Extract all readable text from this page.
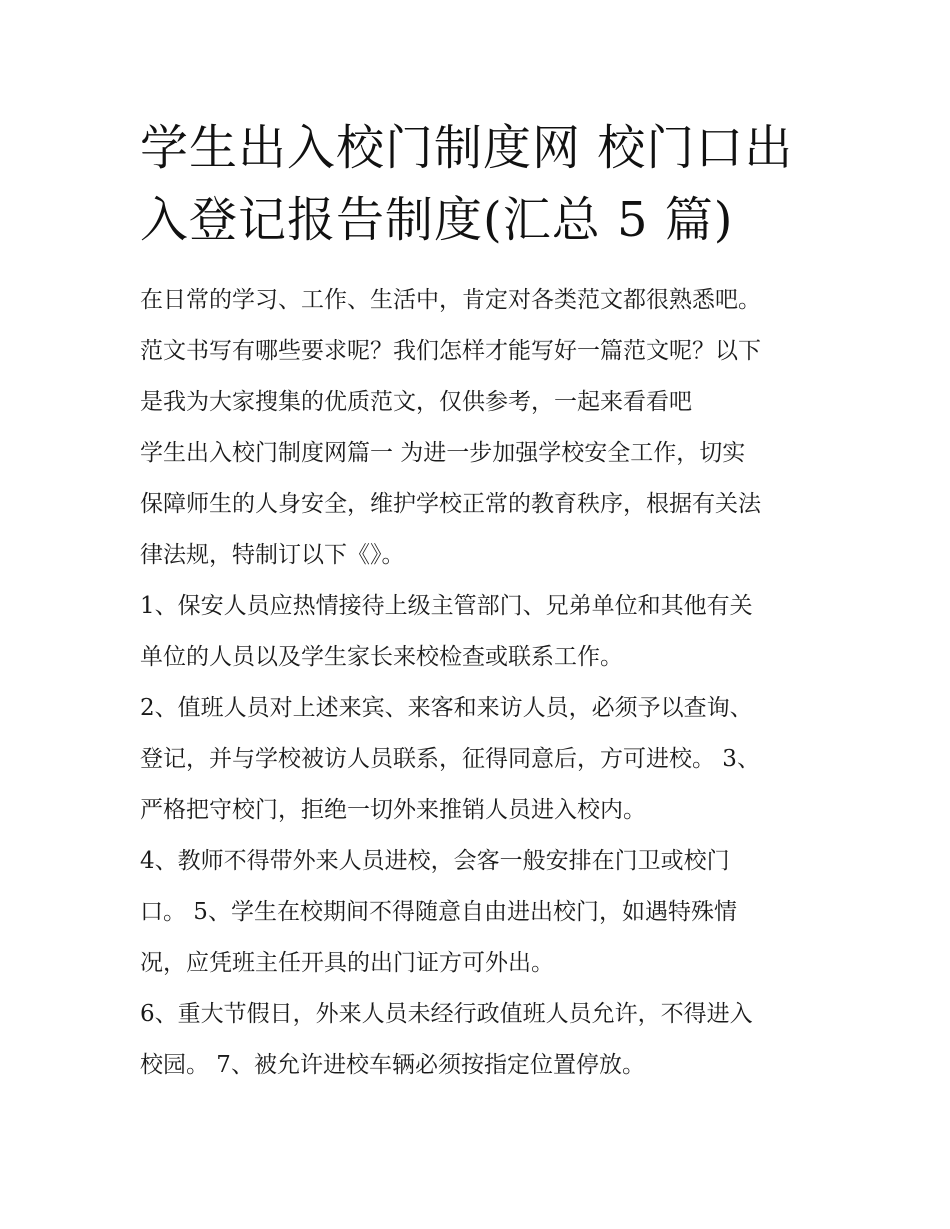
学生出入校门制度网 校门口出
入登记报告制度(汇总 5 篇)

在日常的学习、工作、生活中，肯定对各类范文都很熟悉吧。

范文书写有哪些要求呢？我们怎样才能写好一篇范文呢？以下

是我为大家搜集的优质范文，仅供参考，一起来看看吧

学生出入校门制度网篇一 为进一步加强学校安全工作，切实

保障师生的人身安全，维护学校正常的教育秩序，根据有关法

律法规，特制订以下《》。

1、保安人员应热情接待上级主管部门、兄弟单位和其他有关

单位的人员以及学生家长来校检查或联系工作。

2、值班人员对上述来宾、来客和来访人员，必须予以查询、

登记，并与学校被访人员联系，征得同意后，方可进校。 3、

严格把守校门，拒绝一切外来推销人员进入校内。

4、教师不得带外来人员进校，会客一般安排在门卫或校门

口。 5、学生在校期间不得随意自由进出校门，如遇特殊情

况，应凭班主任开具的出门证方可外出。

6、重大节假日，外来人员未经行政值班人员允许，不得进入

校园。 7、被允许进校车辆必须按指定位置停放。
